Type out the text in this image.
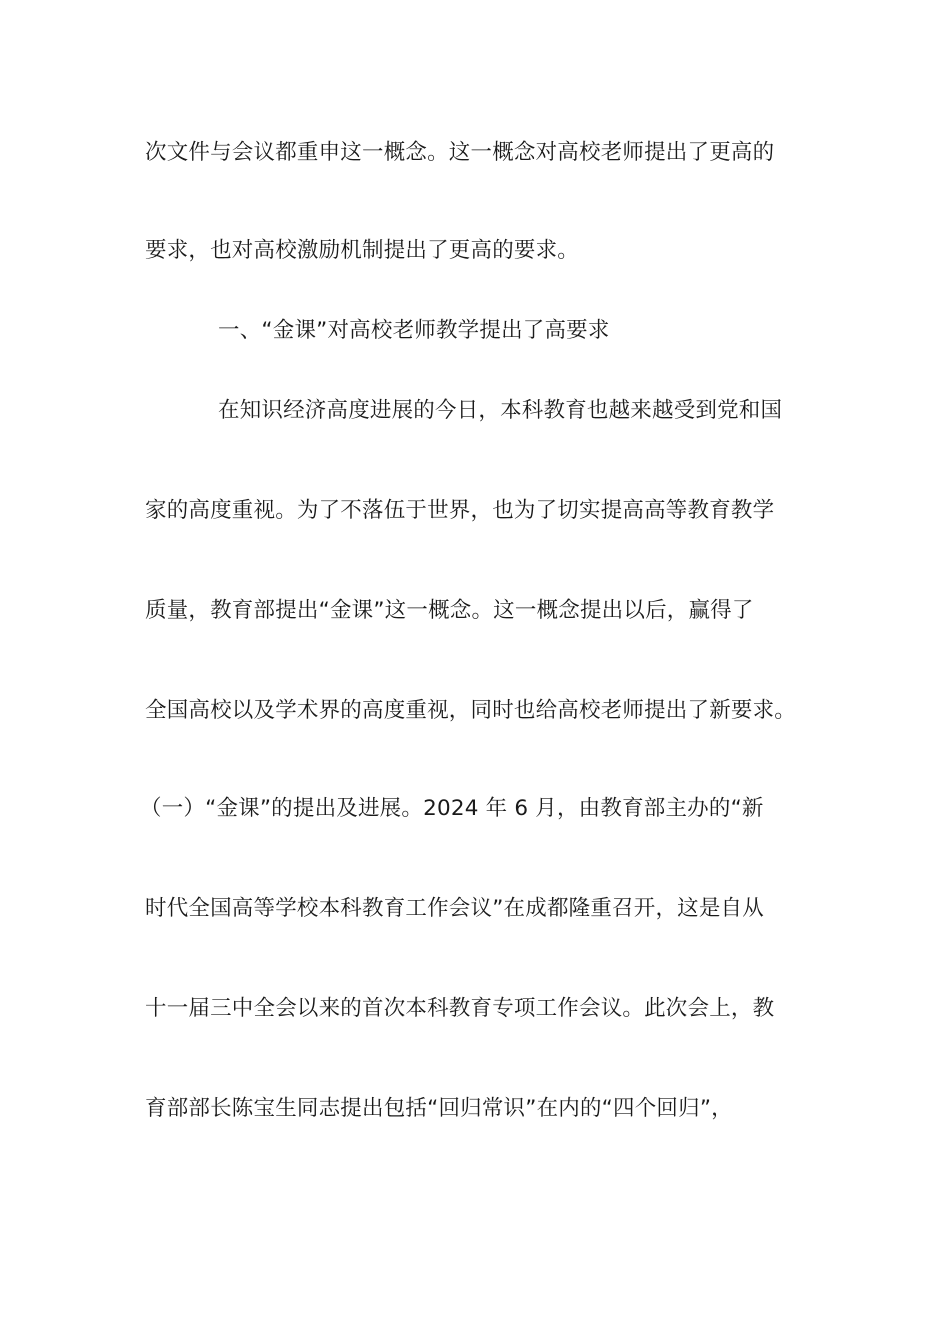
次文件与会议都重申这一概念。这一概念对高校老师提出了更高的
要求，也对高校激励机制提出了更高的要求。
一、“金课”对高校老师教学提出了高要求
在知识经济高度进展的今日，本科教育也越来越受到党和国
家的高度重视。为了不落伍于世界，也为了切实提高高等教育教学
质量，教育部提出“金课”这一概念。这一概念提出以后，赢得了
全国高校以及学术界的高度重视，同时也给高校老师提出了新要求。
（一）“金课”的提出及进展。2024 年 6 月，由教育部主办的“新
时代全国高等学校本科教育工作会议”在成都隆重召开，这是自从
十一届三中全会以来的首次本科教育专项工作会议。此次会上，教
育部部长陈宝生同志提出包括“回归常识”在内的“四个回归”，
